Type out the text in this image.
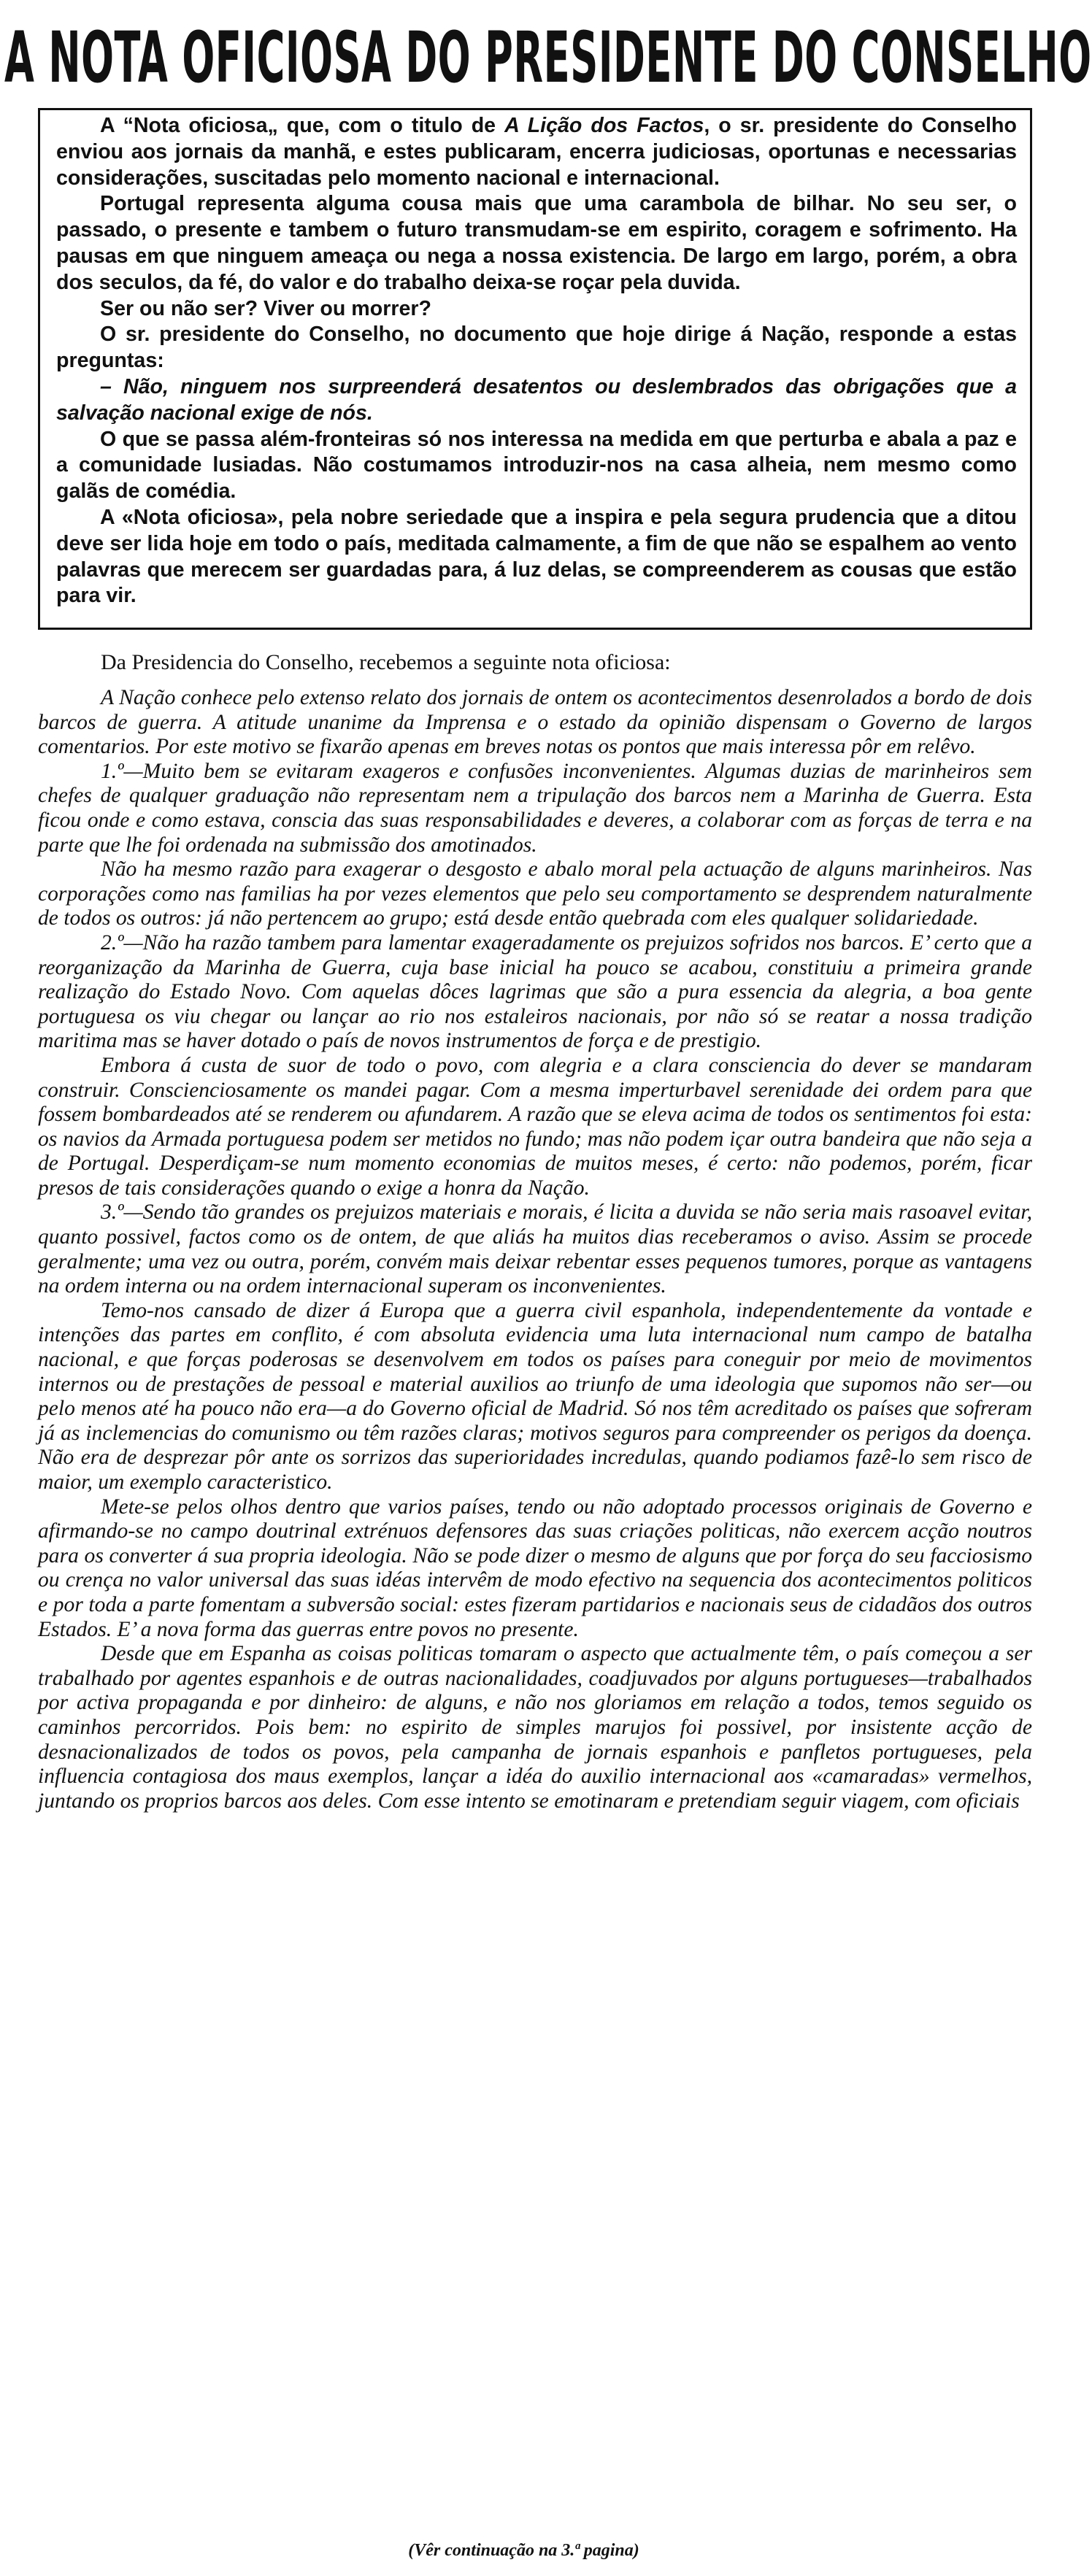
A NOTA OFICIOSA DO PRESIDENTE DO CONSELHO

A “Nota oficiosa„ que, com o titulo de A Lição dos Factos, o sr. presidente do Conselho enviou aos jornais da manhã, e estes publicaram, encerra judiciosas, oportunas e necessarias considerações, suscitadas pelo momento nacional e internacional.

Portugal representa alguma cousa mais que uma carambola de bilhar. No seu ser, o passado, o presente e tambem o futuro transmudam-se em espirito, coragem e sofrimento. Ha pausas em que ninguem ameaça ou nega a nossa existencia. De largo em largo, porém, a obra dos seculos, da fé, do valor e do trabalho deixa-se roçar pela duvida.

Ser ou não ser? Viver ou morrer?

O sr. presidente do Conselho, no documento que hoje dirige á Nação, responde a estas preguntas:

– Não, ninguem nos surpreenderá desatentos ou deslembrados das obrigações que a salvação nacional exige de nós.

O que se passa além-fronteiras só nos interessa na medida em que perturba e abala a paz e a comunidade lusiadas. Não costumamos introduzir-nos na casa alheia, nem mesmo como galãs de comédia.

A «Nota oficiosa», pela nobre seriedade que a inspira e pela segura prudencia que a ditou deve ser lida hoje em todo o país, meditada calmamente, a fim de que não se espalhem ao vento palavras que merecem ser guardadas para, á luz delas, se compreenderem as cousas que estão para vir.

Da Presidencia do Conselho, recebemos a seguinte nota oficiosa:

A Nação conhece pelo extenso relato dos jornais de ontem os acontecimentos desenrolados a bordo de dois barcos de guerra. A atitude unanime da Imprensa e o estado da opinião dispensam o Governo de largos comentarios. Por este motivo se fixarão apenas em breves notas os pontos que mais interessa pôr em relêvo.

1.º—Muito bem se evitaram exageros e confusões inconvenientes. Algumas duzias de marinheiros sem chefes de qualquer graduação não representam nem a tripulação dos barcos nem a Marinha de Guerra. Esta ficou onde e como estava, conscia das suas responsabilidades e deveres, a colaborar com as forças de terra e na parte que lhe foi ordenada na submissão dos amotinados.

Não ha mesmo razão para exagerar o desgosto e abalo moral pela actuação de alguns marinheiros. Nas corporações como nas familias ha por vezes elementos que pelo seu comportamento se desprendem naturalmente de todos os outros: já não pertencem ao grupo; está desde então quebrada com eles qualquer solidariedade.

2.º—Não ha razão tambem para lamentar exageradamente os prejuizos sofridos nos barcos. E’ certo que a reorganização da Marinha de Guerra, cuja base inicial ha pouco se acabou, constituiu a primeira grande realização do Estado Novo. Com aquelas dôces lagrimas que são a pura essencia da alegria, a boa gente portuguesa os viu chegar ou lançar ao rio nos estaleiros nacionais, por não só se reatar a nossa tradição maritima mas se haver dotado o país de novos instrumentos de força e de prestigio.

Embora á custa de suor de todo o povo, com alegria e a clara consciencia do dever se mandaram construir. Conscienciosamente os mandei pagar. Com a mesma imperturbavel serenidade dei ordem para que fossem bombardeados até se renderem ou afundarem. A razão que se eleva acima de todos os sentimentos foi esta: os navios da Armada portuguesa podem ser metidos no fundo; mas não podem içar outra bandeira que não seja a de Portugal. Desperdiçam-se num momento economias de muitos meses, é certo: não podemos, porém, ficar presos de tais considerações quando o exige a honra da Nação.

3.º—Sendo tão grandes os prejuizos materiais e morais, é licita a duvida se não seria mais rasoavel evitar, quanto possivel, factos como os de ontem, de que aliás ha muitos dias receberamos o aviso. Assim se procede geralmente; uma vez ou outra, porém, convém mais deixar rebentar esses pequenos tumores, porque as vantagens na ordem interna ou na ordem internacional superam os inconvenientes.

Temo-nos cansado de dizer á Europa que a guerra civil espanhola, independentemente da vontade e intenções das partes em conflito, é com absoluta evidencia uma luta internacional num campo de batalha nacional, e que forças poderosas se desenvolvem em todos os países para coneguir por meio de movimentos internos ou de prestações de pessoal e material auxilios ao triunfo de uma ideologia que supomos não ser—ou pelo menos até ha pouco não era—a do Governo oficial de Madrid. Só nos têm acreditado os países que sofreram já as inclemencias do comunismo ou têm razões claras; motivos seguros para compreender os perigos da doença. Não era de desprezar pôr ante os sorrizos das superioridades incredulas, quando podiamos fazê-lo sem risco de maior, um exemplo caracteristico.

Mete-se pelos olhos dentro que varios países, tendo ou não adoptado processos originais de Governo e afirmando-se no campo doutrinal extrénuos defensores das suas criações politicas, não exercem acção noutros para os converter á sua propria ideologia. Não se pode dizer o mesmo de alguns que por força do seu facciosismo ou crença no valor universal das suas idéas intervêm de modo efectivo na sequencia dos acontecimentos politicos e por toda a parte fomentam a subversão social: estes fizeram partidarios e nacionais seus de cidadãos dos outros Estados. E’ a nova forma das guerras entre povos no presente.

Desde que em Espanha as coisas politicas tomaram o aspecto que actualmente têm, o país começou a ser trabalhado por agentes espanhois e de outras nacionalidades, coadjuvados por alguns portugueses—trabalhados por activa propaganda e por dinheiro: de alguns, e não nos gloriamos em relação a todos, temos seguido os caminhos percorridos. Pois bem: no espirito de simples marujos foi possivel, por insistente acção de desnacionalizados de todos os povos, pela campanha de jornais espanhois e panfletos portugueses, pela influencia contagiosa dos maus exemplos, lançar a idéa do auxilio internacional aos «camaradas» vermelhos, juntando os proprios barcos aos deles. Com esse intento se emotinaram e pretendiam seguir viagem, com oficiais

(Vêr continuação na 3.ª pagina)
